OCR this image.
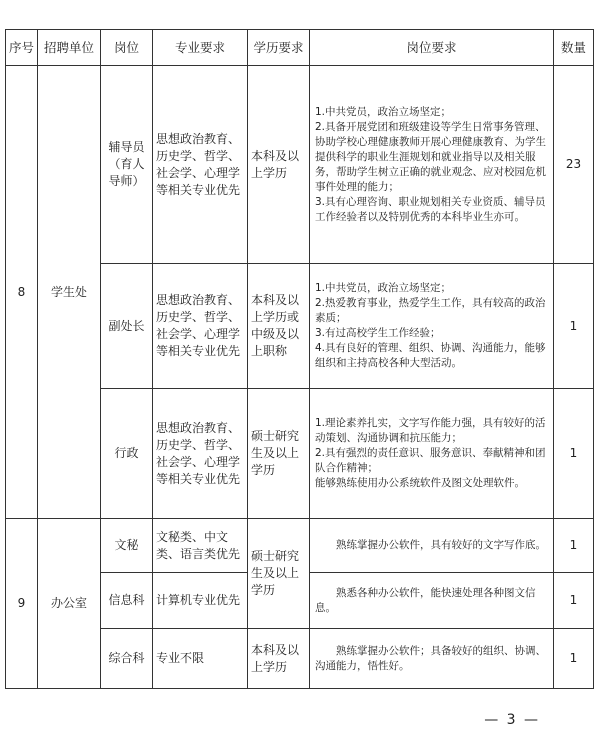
序号	招聘单位	岗位	专业要求	学历要求	岗位要求	数量
8	学生处	辅导员（育人导师）	思想政治教育、历史学、哲学、社会学、心理学等相关专业优先	本科及以上学历	1.中共党员，政治立场坚定；
2.具备开展党团和班级建设等学生日常事务管理、协助学校心理健康教师开展心理健康教育、为学生提供科学的职业生涯规划和就业指导以及相关服务，帮助学生树立正确的就业观念、应对校园危机事件处理的能力；
3.具有心理咨询、职业规划相关专业资质、辅导员工作经验者以及特别优秀的本科毕业生亦可。	23
		副处长	思想政治教育、历史学、哲学、社会学、心理学等相关专业优先	本科及以上学历或中级及以上职称	1.中共党员，政治立场坚定；
2.热爱教育事业，热爱学生工作，具有较高的政治素质；
3.有过高校学生工作经验；
4.具有良好的管理、组织、协调、沟通能力，能够组织和主持高校各种大型活动。	1
		行政	思想政治教育、历史学、哲学、社会学、心理学等相关专业优先	硕士研究生及以上学历	1.理论素养扎实，文字写作能力强，具有较好的活动策划、沟通协调和抗压能力；
2.具有强烈的责任意识、服务意识、奉献精神和团队合作精神；
能够熟练使用办公系统软件及图文处理软件。	1
9	办公室	文秘	文秘类、中文类、语言类优先	硕士研究生及以上学历	熟练掌握办公软件，具有较好的文字写作底。	1
		信息科	计算机专业优先		熟悉各种办公软件，能快速处理各种图文信息。	1
		综合科	专业不限	本科及以上学历	熟练掌握办公软件；具备较好的组织、协调、沟通能力，悟性好。	1
— 3 —
